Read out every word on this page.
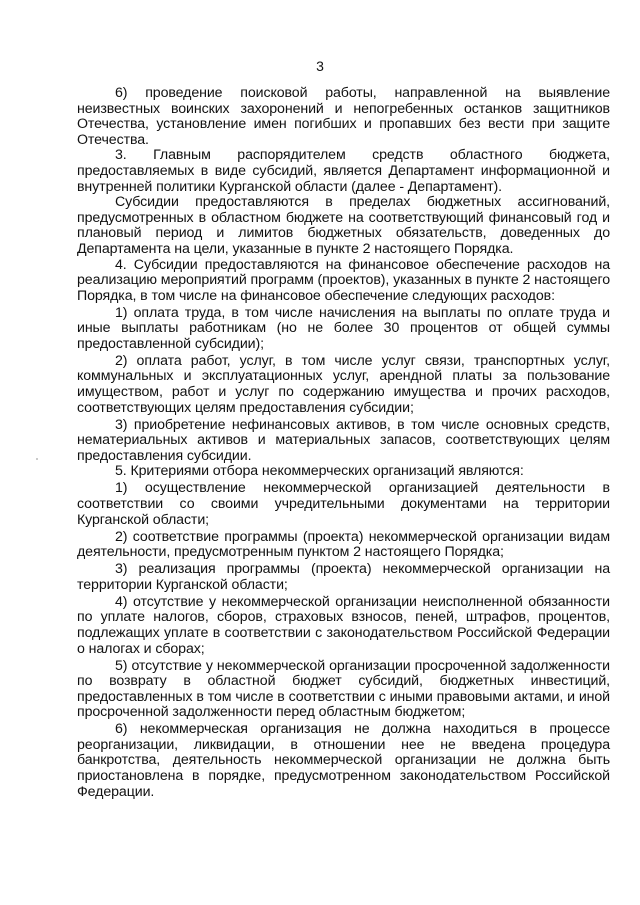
3

6) проведение поисковой работы, направленной на выявление неизвестных воинских захоронений и непогребенных останков защитников Отечества, установление имен погибших и пропавших без вести при защите Отечества.

3. Главным распорядителем средств областного бюджета, предоставляемых в виде субсидий, является Департамент информационной и внутренней политики Курганской области (далее - Департамент).

Субсидии предоставляются в пределах бюджетных ассигнований, предусмотренных в областном бюджете на соответствующий финансовый год и плановый период и лимитов бюджетных обязательств, доведенных до Департамента на цели, указанные в пункте 2 настоящего Порядка.

4. Субсидии предоставляются на финансовое обеспечение расходов на реализацию мероприятий программ (проектов), указанных в пункте 2 настоящего Порядка, в том числе на финансовое обеспечение следующих расходов:

1) оплата труда, в том числе начисления на выплаты по оплате труда и иные выплаты работникам (но не более 30 процентов от общей суммы предоставленной субсидии);

2) оплата работ, услуг, в том числе услуг связи, транспортных услуг, коммунальных и эксплуатационных услуг, арендной платы за пользование имуществом, работ и услуг по содержанию имущества и прочих расходов, соответствующих целям предоставления субсидии;

3) приобретение нефинансовых активов, в том числе основных средств, нематериальных активов и материальных запасов, соответствующих целям предоставления субсидии.

5. Критериями отбора некоммерческих организаций являются:

1) осуществление некоммерческой организацией деятельности в соответствии со своими учредительными документами на территории Курганской области;

2) соответствие программы (проекта) некоммерческой организации видам деятельности, предусмотренным пунктом 2 настоящего Порядка;

3) реализация программы (проекта) некоммерческой организации на территории Курганской области;

4) отсутствие у некоммерческой организации неисполненной обязанности по уплате налогов, сборов, страховых взносов, пеней, штрафов, процентов, подлежащих уплате в соответствии с законодательством Российской Федерации о налогах и сборах;

5) отсутствие у некоммерческой организации просроченной задолженности по возврату в областной бюджет субсидий, бюджетных инвестиций, предоставленных в том числе в соответствии с иными правовыми актами, и иной просроченной задолженности перед областным бюджетом;

6) некоммерческая организация не должна находиться в процессе реорганизации, ликвидации, в отношении нее не введена процедура банкротства, деятельность некоммерческой организации не должна быть приостановлена в порядке, предусмотренном законодательством Российской Федерации.
